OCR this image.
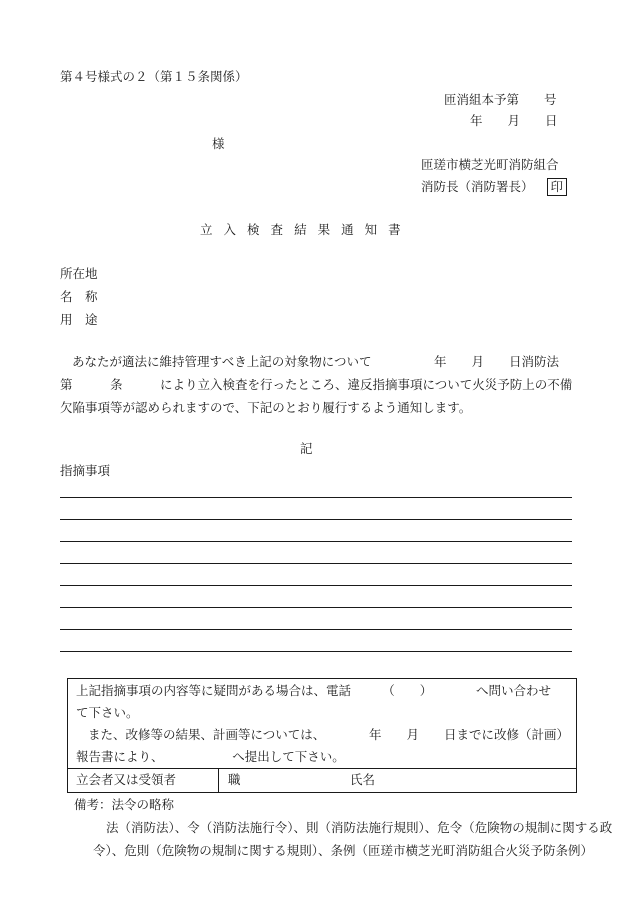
第４号様式の２（第１５条関係）
匝消組本予第　　号
年　　月　　日
様
匝瑳市横芝光町消防組合
消防長（消防署長） 印
立 入 検 査 結 果 通 知 書
所在地
名　称
用　途
あなたが適法に維持管理すべき上記の対象物について　　　　　年　　月　　日消防法
第　　　条　　　により立入検査を行ったところ、違反指摘事項について火災予防上の不備
欠陥事項等が認められますので、下記のとおり履行するよう通知します。
記
指摘事項
上記指摘事項の内容等に疑問がある場合は、電話　　　（　　）　　　　へ問い合わせ
て下さい。
また、改修等の結果、計画等については、　　　　年　　月　　日までに改修（計画）
報告書により、　　　　　　へ提出して下さい。
立会者又は受領者	職	氏名
備考：法令の略称
法（消防法）、令（消防法施行令）、則（消防法施行規則）、危令（危険物の規制に関する政
令）、危則（危険物の規制に関する規則）、条例（匝瑳市横芝光町消防組合火災予防条例）
